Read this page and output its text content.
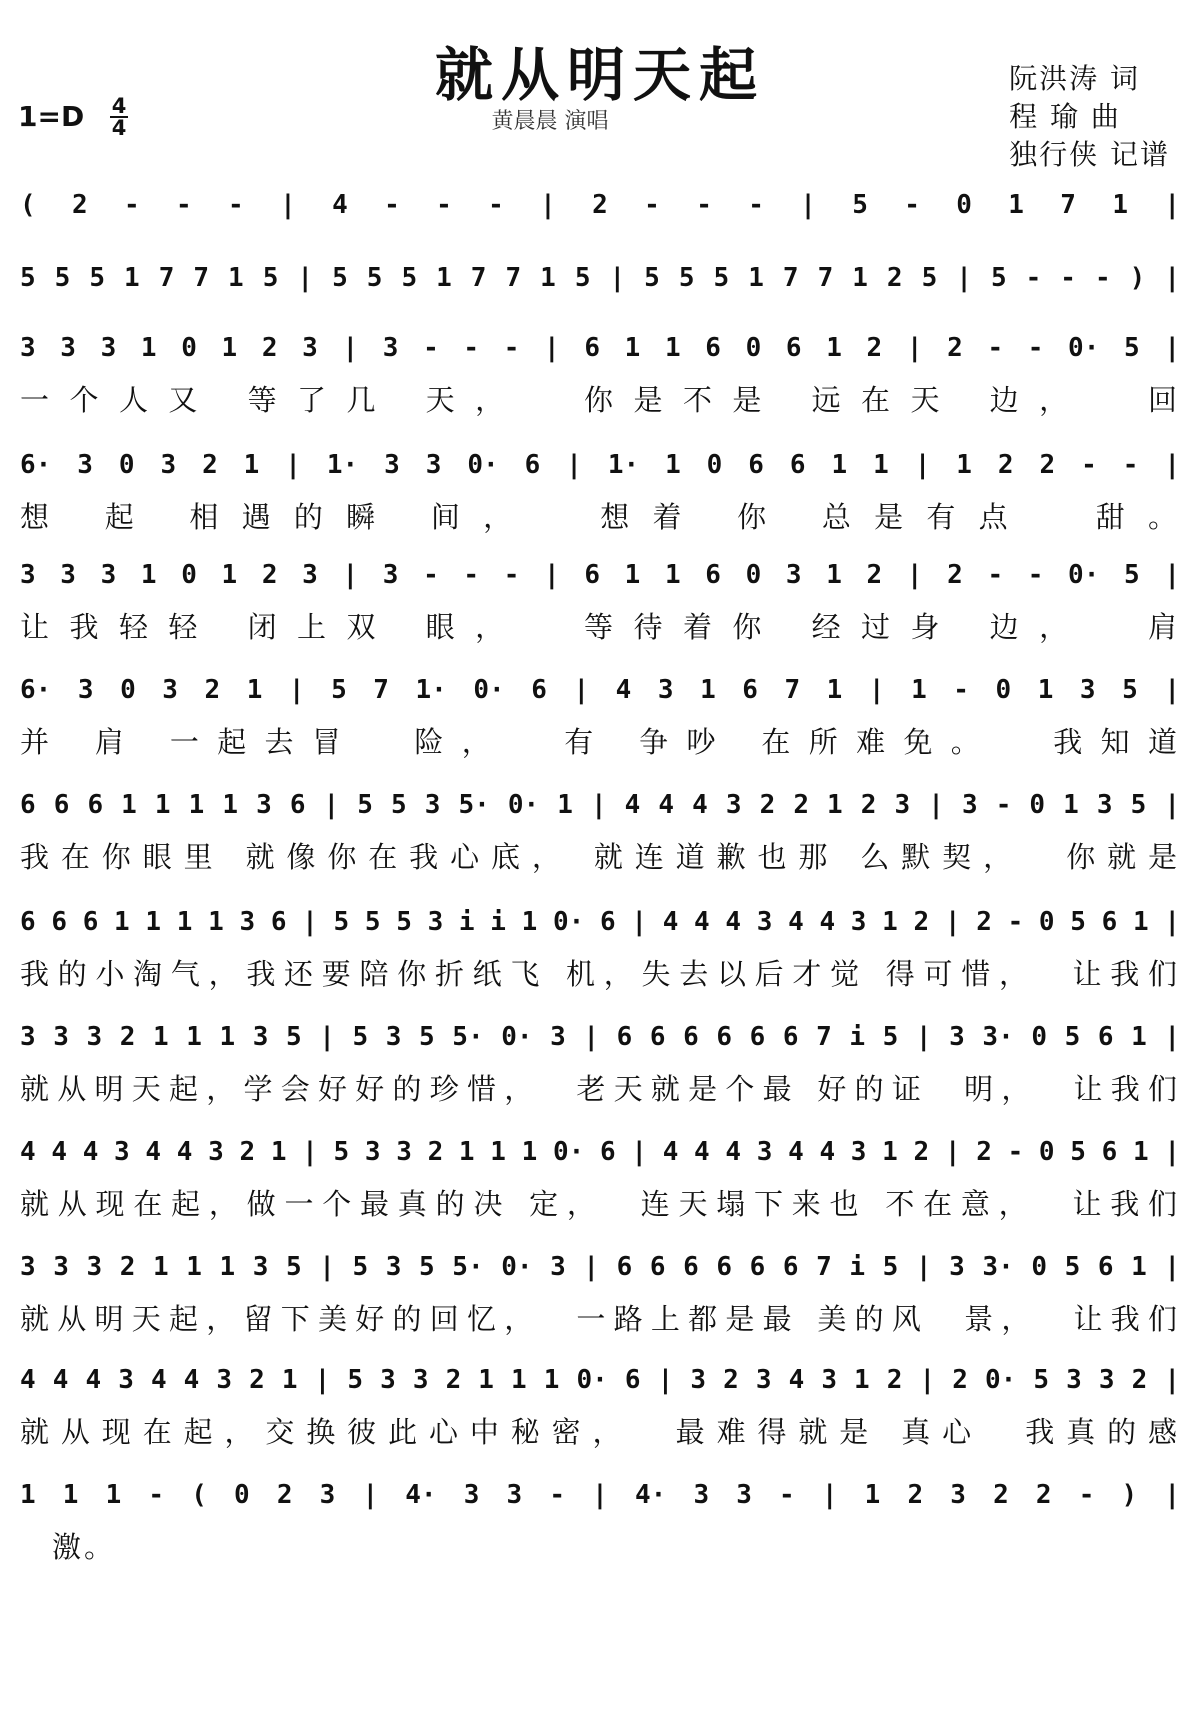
就从明天起
黄晨晨 演唱
1=D 4
4
阮洪涛 词
程 瑜 曲
独行侠 记谱
( 2 - - - | 4 - - - | 2 - - - | 5 - 0 1 7 1 |
5 5 5 1 7 7 1 5 | 5 5 5 1 7 7 1 5 | 5 5 5 1 7 7 1 2 5 | 5 - - - ) |
3 3 3 1 0 1 2 3 | 3 - - - | 6 1 1 6 0 6 1 2 | 2 - - 0· 5 |
一个人又 等了几 天，  你是不是 远在天 边，  回
6· 3 0 3 2 1 | 1· 3 3 0· 6 | 1· 1 0 6 6 1 1 | 1 2 2 - - |
想 起 相遇的瞬 间，  想着 你 总是有点  甜。
3 3 3 1 0 1 2 3 | 3 - - - | 6 1 1 6 0 3 1 2 | 2 - - 0· 5 |
让我轻轻 闭上双 眼，  等待着你 经过身 边，  肩
6· 3 0 3 2 1 | 5 7 1· 0· 6 | 4 3 1 6 7 1 | 1 - 0 1 3 5 |
并 肩 一起去冒  险，  有 争吵 在所难免。  我知道
6 6 6 1 1 1 1 3 6 | 5 5 3 5· 0· 1 | 4 4 4 3 2 2 1 2 3 | 3 - 0 1 3 5 |
我在你眼里 就像你在我心底， 就连道歉也那 么默契，  你就是
6 6 6 1 1 1 1 3 6 | 5 5 5 3 i i 1 0· 6 | 4 4 4 3 4 4 3 1 2 | 2 - 0 5 6 1 |
我的小淘气，我还要陪你折纸飞 机，失去以后才觉 得可惜，  让我们
3 3 3 2 1 1 1 3 5 | 5 3 5 5· 0· 3 | 6 6 6 6 6 6 7 i 5 | 3 3· 0 5 6 1 |
就从明天起，学会好好的珍惜，  老天就是个最 好的证  明，  让我们
4 4 4 3 4 4 3 2 1 | 5 3 3 2 1 1 1 0· 6 | 4 4 4 3 4 4 3 1 2 | 2 - 0 5 6 1 |
就从现在起，做一个最真的决 定，  连天塌下来也 不在意，  让我们
3 3 3 2 1 1 1 3 5 | 5 3 5 5· 0· 3 | 6 6 6 6 6 6 7 i 5 | 3 3· 0 5 6 1 |
就从明天起，留下美好的回忆，  一路上都是最 美的风  景，  让我们
4 4 4 3 4 4 3 2 1 | 5 3 3 2 1 1 1 0· 6 | 3 2 3 4 3 1 2 | 2 0· 5 3 3 2 |
就从现在起，交换彼此心中秘密，  最难得就是 真心  我真的感
1 1 1 - ( 0 2 3 | 4· 3 3 - | 4· 3 3 - | 1 2 3 2 2 - ) |
激。
